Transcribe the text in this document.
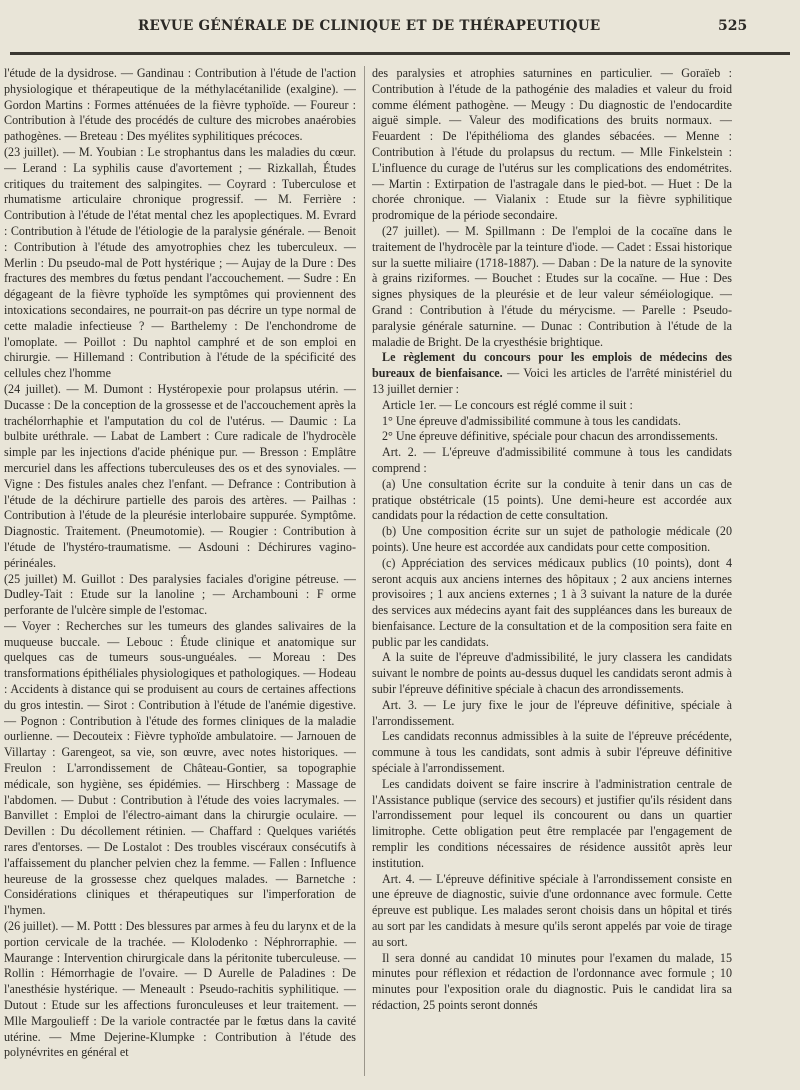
REVUE GÉNÉRALE DE CLINIQUE ET DE THÉRAPEUTIQUE	525

l'étude de la dysidrose. — Gandinau : Contribution à l'étude de l'action physiologique et thérapeutique de la méthylacétanilide (exalgine). — Gordon Martins : Formes atténuées de la fièvre typhoïde. — Foureur : Contribution à l'étude des procédés de culture des microbes anaérobies pathogènes. — Breteau : Des myélites syphilitiques précoces.

(23 juillet). — M. Youbian : Le strophantus dans les maladies du cœur. — Lerand : La syphilis cause d'avortement ; — Rizkallah, Études critiques du traitement des salpingites. — Coyrard : Tuberculose et rhumatisme articulaire chronique progressif. — M. Ferrière : Contribution à l'étude de l'état mental chez les apoplectiques. M. Evrard : Contribution à l'étude de l'étiologie de la paralysie générale. — Benoit : Contribution à l'étude des amyotrophies chez les tuberculeux. — Merlin : Du pseudo-mal de Pott hystérique ; — Aujay de la Dure : Des fractures des membres du fœtus pendant l'accouchement. — Sudre : En dégageant de la fièvre typhoïde les symptômes qui proviennent des intoxications secondaires, ne pourrait-on pas décrire un type normal de cette maladie infectieuse ? — Barthelemy : De l'enchondrome de l'omoplate. — Poillot : Du naphtol camphré et de son emploi en chirurgie. — Hillemand : Contribution à l'étude de la spécificité des cellules chez l'homme

(24 juillet). — M. Dumont : Hystéropexie pour prolapsus utérin. — Ducasse : De la conception de la grossesse et de l'accouchement après la trachélorrhaphie et l'amputation du col de l'utérus. — Daumic : La bulbite uréthrale. — Labat de Lambert : Cure radicale de l'hydrocèle simple par les injections d'acide phénique pur. — Bresson : Emplâtre mercuriel dans les affections tuberculeuses des os et des synoviales. — Vigne : Des fistules anales chez l'enfant. — Defrance : Contribution à l'étude de la déchirure partielle des parois des artères. — Pailhas : Contribution à l'étude de la pleurésie interlobaire suppurée. Symptôme. Diagnostic. Traitement. (Pneumotomie). — Rougier : Contribution à l'étude de l'hystéro-traumatisme. — Asdouni : Déchirures vagino-périnéales.

(25 juillet) M. Guillot : Des paralysies faciales d'origine pétreuse. — Dudley-Tait : Etude sur la lanoline ; — Archambouni : F orme perforante de l'ulcère simple de l'estomac.

— Voyer : Recherches sur les tumeurs des glandes salivaires de la muqueuse buccale. — Lebouc : Étude clinique et anatomique sur quelques cas de tumeurs sous-unguéales. — Moreau : Des transformations épithéliales physiologiques et pathologiques. — Hodeau : Accidents à distance qui se produisent au cours de certaines affections du gros intestin. — Sirot : Contribution à l'étude de l'anémie digestive. — Pognon : Contribution à l'étude des formes cliniques de la maladie ourlienne. — Decouteix : Fièvre typhoïde ambulatoire. — Jarnouen de Villartay : Garengeot, sa vie, son œuvre, avec notes historiques. — Freulon : L'arrondissement de Château-Gontier, sa topographie médicale, son hygiène, ses épidémies. — Hirschberg : Massage de l'abdomen. — Dubut : Contribution à l'étude des voies lacrymales. — Banvillet : Emploi de l'électro-aimant dans la chirurgie oculaire. — Devillen : Du décollement rétinien. — Chaffard : Quelques variétés rares d'entorses. — De Lostalot : Des troubles viscéraux consécutifs à l'affaissement du plancher pelvien chez la femme. — Fallen : Influence heureuse de la grossesse chez quelques malades. — Barnetche : Considérations cliniques et thérapeutiques sur l'imperforation de l'hymen.

(26 juillet). — M. Pottt : Des blessures par armes à feu du larynx et de la portion cervicale de la trachée. — Klolodenko : Néphrorraphie. — Maurange : Intervention chirurgicale dans la péritonite tuberculeuse. — Rollin : Hémorrhagie de l'ovaire. — D Aurelle de Paladines : De l'anesthésie hystérique. — Meneault : Pseudo-rachitis syphilitique. — Dutout : Etude sur les affections furonculeuses et leur traitement. — Mlle Margoulieff : De la variole contractée par le fœtus dans la cavité utérine. — Mme Dejerine-Klumpke : Contribution à l'étude des polynévrites en général et

des paralysies et atrophies saturnines en particulier. — Goraïeb : Contribution à l'étude de la pathogénie des maladies et valeur du froid comme élément pathogène. — Meugy : Du diagnostic de l'endocardite aiguë simple. — Valeur des modifications des bruits normaux. — Feuardent : De l'épithélioma des glandes sébacées. — Menne : Contribution à l'étude du prolapsus du rectum. — Mlle Finkelstein : L'influence du curage de l'utérus sur les complications des endométrites. — Martin : Extirpation de l'astragale dans le pied-bot. — Huet : De la chorée chronique. — Vialanix : Etude sur la fièvre syphilitique prodromique de la période secondaire.

(27 juillet). — M. Spillmann : De l'emploi de la cocaïne dans le traitement de l'hydrocèle par la teinture d'iode. — Cadet : Essai historique sur la suette miliaire (1718-1887). — Daban : De la nature de la synovite à grains riziformes. — Bouchet : Etudes sur la cocaïne. — Hue : Des signes physiques de la pleurésie et de leur valeur séméiologique. — Grand : Contribution à l'étude du mérycisme. — Parelle : Pseudo-paralysie générale saturnine. — Dunac : Contribution à l'étude de la maladie de Bright. De la cryesthésie brightique.

Le règlement du concours pour les emplois de médecins des bureaux de bienfaisance. — Voici les articles de l'arrêté ministériel du 13 juillet dernier :

Article 1er. — Le concours est réglé comme il suit :

1° Une épreuve d'admissibilité commune à tous les candidats.

2° Une épreuve définitive, spéciale pour chacun des arrondissements.

Art. 2. — L'épreuve d'admissibilité commune à tous les candidats comprend :

(a) Une consultation écrite sur la conduite à tenir dans un cas de pratique obstétricale (15 points). Une demi-heure est accordée aux candidats pour la rédaction de cette consultation.

(b) Une composition écrite sur un sujet de pathologie médicale (20 points). Une heure est accordée aux candidats pour cette composition.

(c) Appréciation des services médicaux publics (10 points), dont 4 seront acquis aux anciens internes des hôpitaux ; 2 aux anciens internes provisoires ; 1 aux anciens externes ; 1 à 3 suivant la nature de la durée des services aux médecins ayant fait des suppléances dans les bureaux de bienfaisance. Lecture de la consultation et de la composition sera faite en public par les candidats.

A la suite de l'épreuve d'admissibilité, le jury classera les candidats suivant le nombre de points au-dessus duquel les candidats seront admis à subir l'épreuve définitive spéciale à chacun des arrondissements.

Art. 3. — Le jury fixe le jour de l'épreuve définitive, spéciale à l'arrondissement.

Les candidats reconnus admissibles à la suite de l'épreuve précédente, commune à tous les candidats, sont admis à subir l'épreuve définitive spéciale à l'arrondissement.

Les candidats doivent se faire inscrire à l'administration centrale de l'Assistance publique (service des secours) et justifier qu'ils résident dans l'arrondissement pour lequel ils concourent ou dans un quartier limitrophe. Cette obligation peut être remplacée par l'engagement de remplir les conditions nécessaires de résidence aussitôt après leur institution.

Art. 4. — L'épreuve définitive spéciale à l'arrondissement consiste en une épreuve de diagnostic, suivie d'une ordonnance avec formule. Cette épreuve est publique. Les malades seront choisis dans un hôpital et tirés au sort par les candidats à mesure qu'ils seront appelés par voie de tirage au sort.

Il sera donné au candidat 10 minutes pour l'examen du malade, 15 minutes pour réflexion et rédaction de l'ordonnance avec formule ; 10 minutes pour l'exposition orale du diagnostic. Puis le candidat lira sa rédaction, 25 points seront donnés
